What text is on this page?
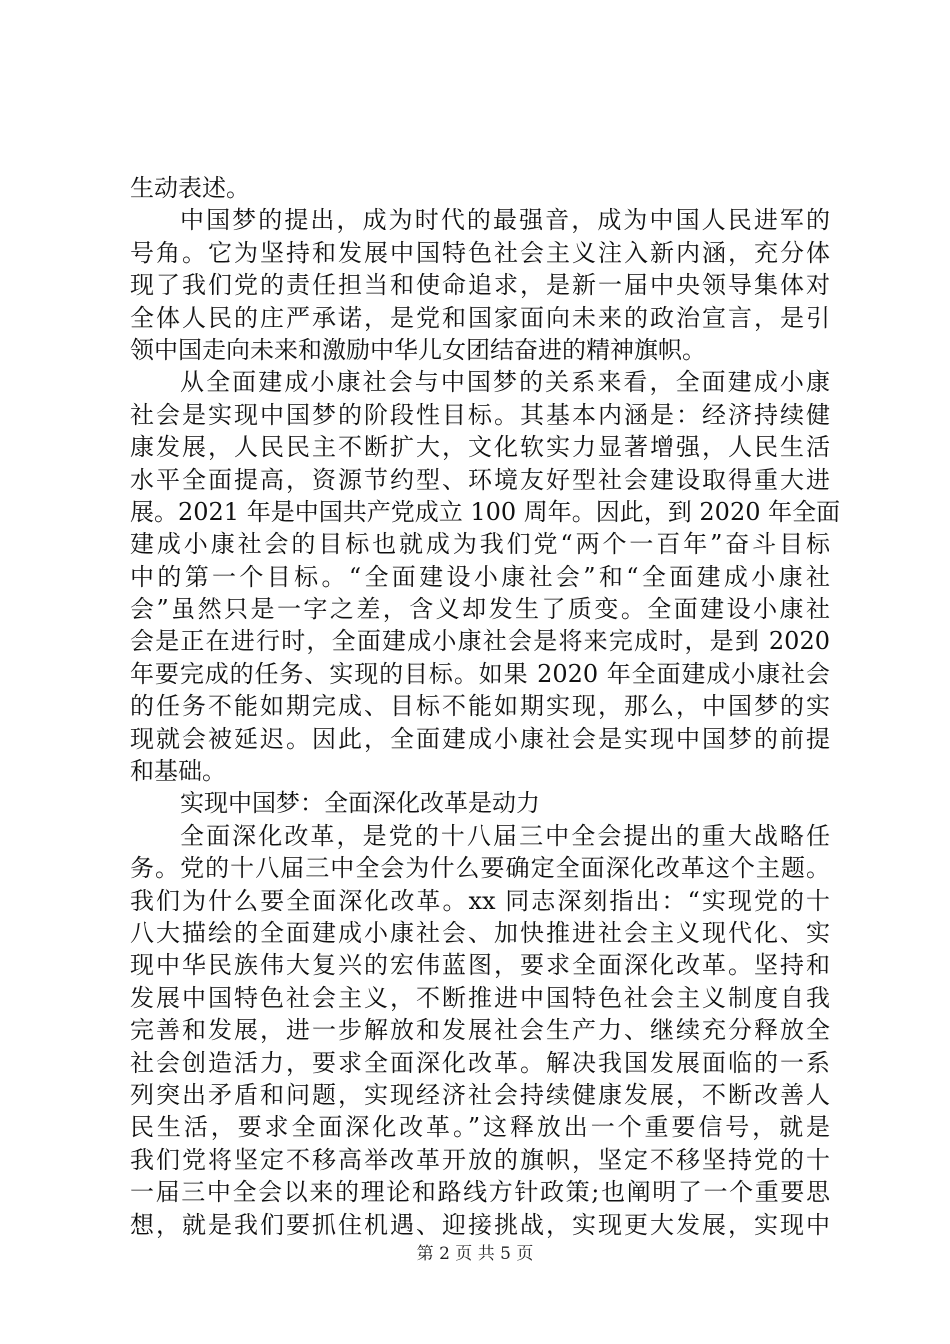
生动表述。
中国梦的提出，成为时代的最强音，成为中国人民进军的
号角。它为坚持和发展中国特色社会主义注入新内涵，充分体
现了我们党的责任担当和使命追求，是新一届中央领导集体对
全体人民的庄严承诺，是党和国家面向未来的政治宣言，是引
领中国走向未来和激励中华儿女团结奋进的精神旗帜。
从全面建成小康社会与中国梦的关系来看，全面建成小康
社会是实现中国梦的阶段性目标。其基本内涵是：经济持续健
康发展，人民民主不断扩大，文化软实力显著增强，人民生活
水平全面提高，资源节约型、环境友好型社会建设取得重大进
展。2021 年是中国共产党成立 100 周年。因此，到 2020 年全面
建成小康社会的目标也就成为我们党“两个一百年”奋斗目标
中的第一个目标。“全面建设小康社会”和“全面建成小康社
会”虽然只是一字之差，含义却发生了质变。全面建设小康社
会是正在进行时，全面建成小康社会是将来完成时，是到 2020
年要完成的任务、实现的目标。如果 2020 年全面建成小康社会
的任务不能如期完成、目标不能如期实现，那么，中国梦的实
现就会被延迟。因此，全面建成小康社会是实现中国梦的前提
和基础。
实现中国梦：全面深化改革是动力
全面深化改革，是党的十八届三中全会提出的重大战略任
务。党的十八届三中全会为什么要确定全面深化改革这个主题。
我们为什么要全面深化改革。xx 同志深刻指出：“实现党的十
八大描绘的全面建成小康社会、加快推进社会主义现代化、实
现中华民族伟大复兴的宏伟蓝图，要求全面深化改革。坚持和
发展中国特色社会主义，不断推进中国特色社会主义制度自我
完善和发展，进一步解放和发展社会生产力、继续充分释放全
社会创造活力，要求全面深化改革。解决我国发展面临的一系
列突出矛盾和问题，实现经济社会持续健康发展，不断改善人
民生活，要求全面深化改革。”这释放出一个重要信号，就是
我们党将坚定不移高举改革开放的旗帜，坚定不移坚持党的十
一届三中全会以来的理论和路线方针政策;也阐明了一个重要思
想，就是我们要抓住机遇、迎接挑战，实现更大发展，实现中
第 2 页 共 5 页
